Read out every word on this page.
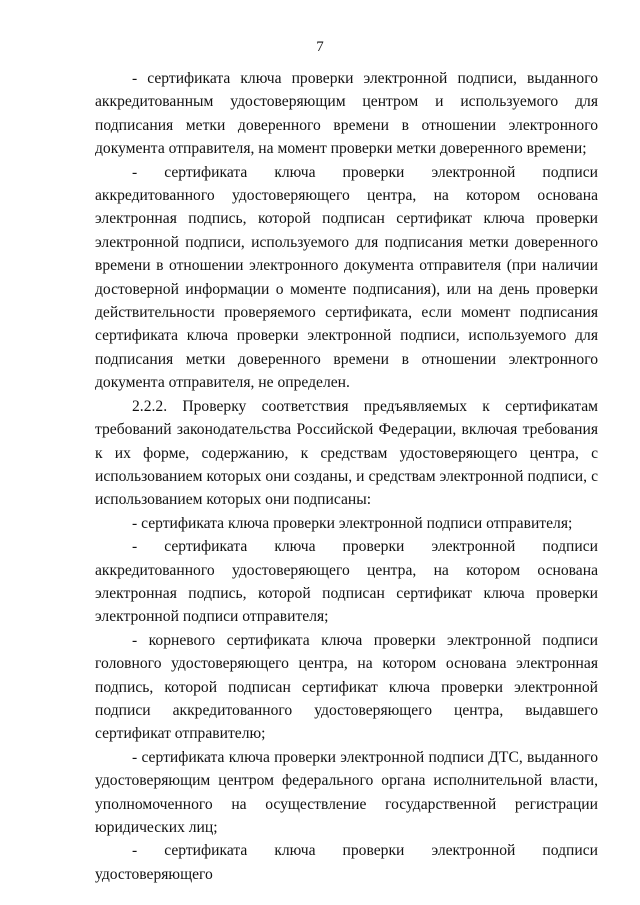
7

- сертификата ключа проверки электронной подписи, выданного аккредитованным удостоверяющим центром и используемого для подписания метки доверенного времени в отношении электронного документа отправителя, на момент проверки метки доверенного времени;

- сертификата ключа проверки электронной подписи аккредитованного удостоверяющего центра, на котором основана электронная подпись, которой подписан сертификат ключа проверки электронной подписи, используемого для подписания метки доверенного времени в отношении электронного документа отправителя (при наличии достоверной информации о моменте подписания), или на день проверки действительности проверяемого сертификата, если момент подписания сертификата ключа проверки электронной подписи, используемого для подписания метки доверенного времени в отношении электронного документа отправителя, не определен.

2.2.2. Проверку соответствия предъявляемых к сертификатам требований законодательства Российской Федерации, включая требования к их форме, содержанию, к средствам удостоверяющего центра, с использованием которых они созданы, и средствам электронной подписи, с использованием которых они подписаны:

- сертификата ключа проверки электронной подписи отправителя;

- сертификата ключа проверки электронной подписи аккредитованного удостоверяющего центра, на котором основана электронная подпись, которой подписан сертификат ключа проверки электронной подписи отправителя;

- корневого сертификата ключа проверки электронной подписи головного удостоверяющего центра, на котором основана электронная подпись, которой подписан сертификат ключа проверки электронной подписи аккредитованного удостоверяющего центра, выдавшего сертификат отправителю;

- сертификата ключа проверки электронной подписи ДТС, выданного удостоверяющим центром федерального органа исполнительной власти, уполномоченного на осуществление государственной регистрации юридических лиц;

- сертификата ключа проверки электронной подписи удостоверяющего
